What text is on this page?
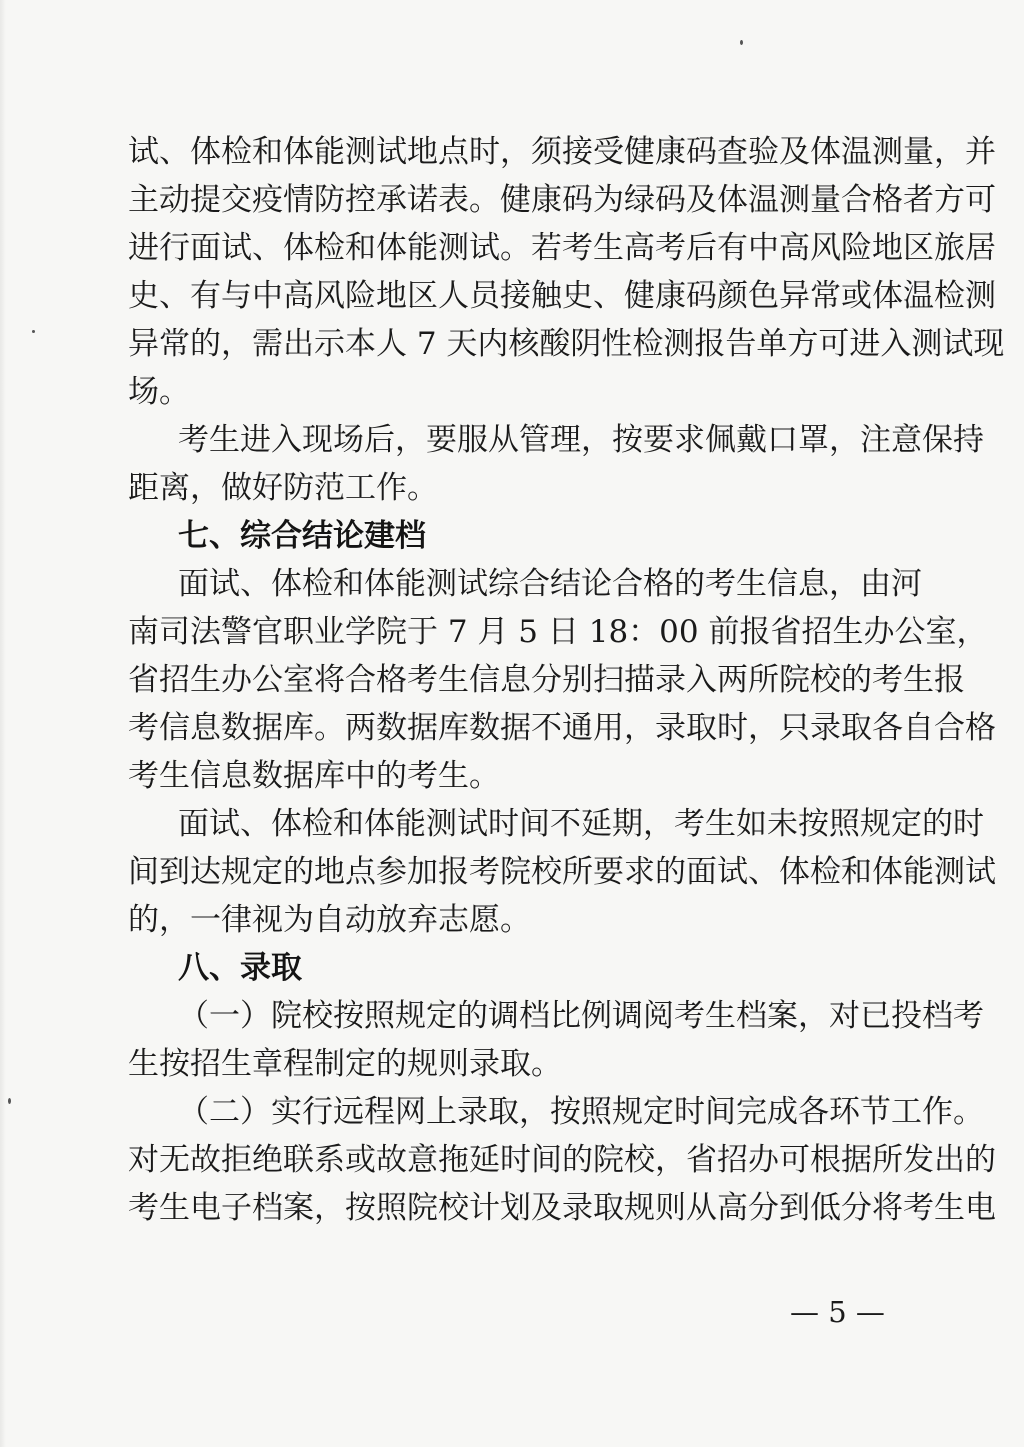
试、体检和体能测试地点时，须接受健康码查验及体温测量，并
主动提交疫情防控承诺表。健康码为绿码及体温测量合格者方可
进行面试、体检和体能测试。若考生高考后有中高风险地区旅居
史、有与中高风险地区人员接触史、健康码颜色异常或体温检测
异常的，需出示本人 7 天内核酸阴性检测报告单方可进入测试现
场。
考生进入现场后，要服从管理，按要求佩戴口罩，注意保持
距离，做好防范工作。
七、综合结论建档
面试、体检和体能测试综合结论合格的考生信息，由河
南司法警官职业学院于 7 月 5 日 18：00 前报省招生办公室，
省招生办公室将合格考生信息分别扫描录入两所院校的考生报
考信息数据库。两数据库数据不通用，录取时，只录取各自合格
考生信息数据库中的考生。
面试、体检和体能测试时间不延期，考生如未按照规定的时
间到达规定的地点参加报考院校所要求的面试、体检和体能测试
的，一律视为自动放弃志愿。
八、录取
（一）院校按照规定的调档比例调阅考生档案，对已投档考
生按招生章程制定的规则录取。
（二）实行远程网上录取，按照规定时间完成各环节工作。
对无故拒绝联系或故意拖延时间的院校，省招办可根据所发出的
考生电子档案，按照院校计划及录取规则从高分到低分将考生电
— 5 —
